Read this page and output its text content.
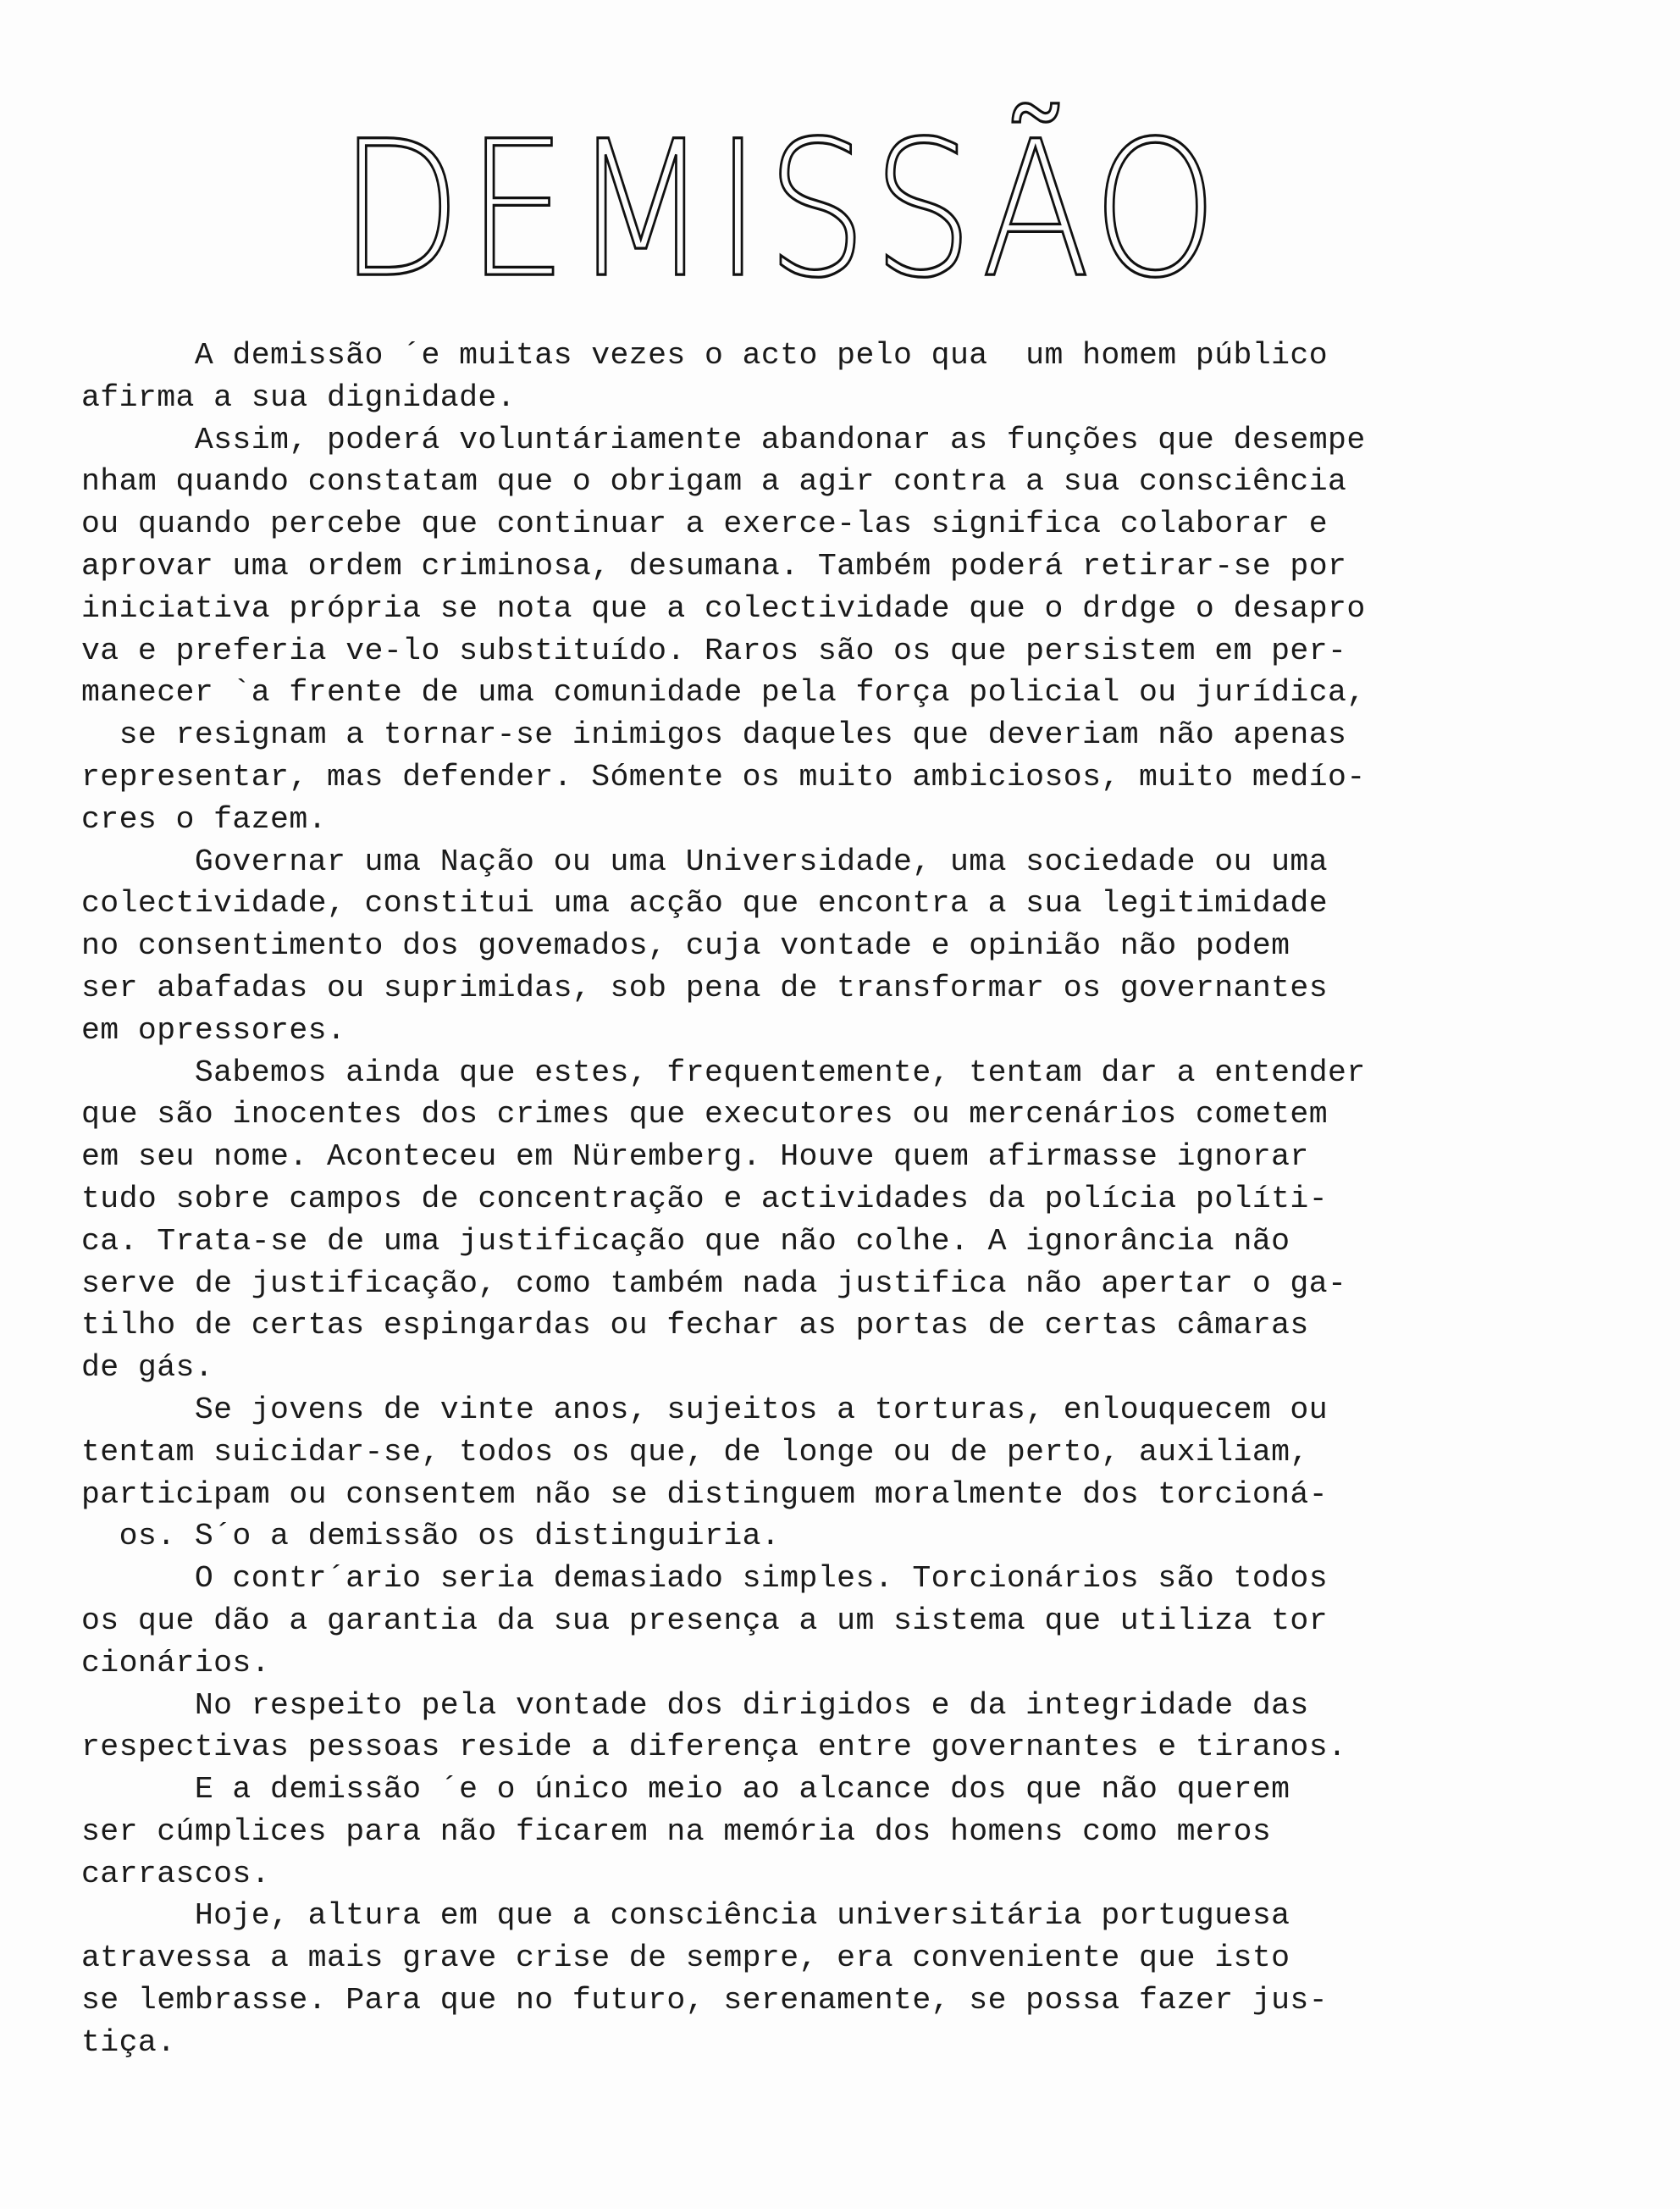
DEMISSÃO
A demissão ´e muitas vezes o acto pelo qua  um homem público
afirma a sua dignidade.
Assim, poderá voluntáriamente abandonar as funções que desempe
nham quando constatam que o obrigam a agir contra a sua consciência
ou quando percebe que continuar a exerce-las significa colaborar e
aprovar uma ordem criminosa, desumana. Também poderá retirar-se por
iniciativa própria se nota que a colectividade que o drdge o desapro
va e preferia ve-lo substituído. Raros são os que persistem em per-
manecer `a frente de uma comunidade pela força policial ou jurídica,
se resignam a tornar-se inimigos daqueles que deveriam não apenas
representar, mas defender. Sómente os muito ambiciosos, muito medío-
cres o fazem.
Governar uma Nação ou uma Universidade, uma sociedade ou uma
colectividade, constitui uma acção que encontra a sua legitimidade
no consentimento dos govemados, cuja vontade e opinião não podem
ser abafadas ou suprimidas, sob pena de transformar os governantes
em opressores.
Sabemos ainda que estes, frequentemente, tentam dar a entender
que são inocentes dos crimes que executores ou mercenários cometem
em seu nome. Aconteceu em Nüremberg. Houve quem afirmasse ignorar
tudo sobre campos de concentração e actividades da polícia políti-
ca. Trata-se de uma justificação que não colhe. A ignorância não
serve de justificação, como também nada justifica não apertar o ga-
tilho de certas espingardas ou fechar as portas de certas câmaras
de gás.
Se jovens de vinte anos, sujeitos a torturas, enlouquecem ou
tentam suicidar-se, todos os que, de longe ou de perto, auxiliam,
participam ou consentem não se distinguem moralmente dos torcioná-
os. S´o a demissão os distinguiria.
O contr´ario seria demasiado simples. Torcionários são todos
os que dão a garantia da sua presença a um sistema que utiliza tor
cionários.
No respeito pela vontade dos dirigidos e da integridade das
respectivas pessoas reside a diferença entre governantes e tiranos.
E a demissão ´e o único meio ao alcance dos que não querem
ser cúmplices para não ficarem na memória dos homens como meros
carrascos.
Hoje, altura em que a consciência universitária portuguesa
atravessa a mais grave crise de sempre, era conveniente que isto
se lembrasse. Para que no futuro, serenamente, se possa fazer jus-
tiça.
